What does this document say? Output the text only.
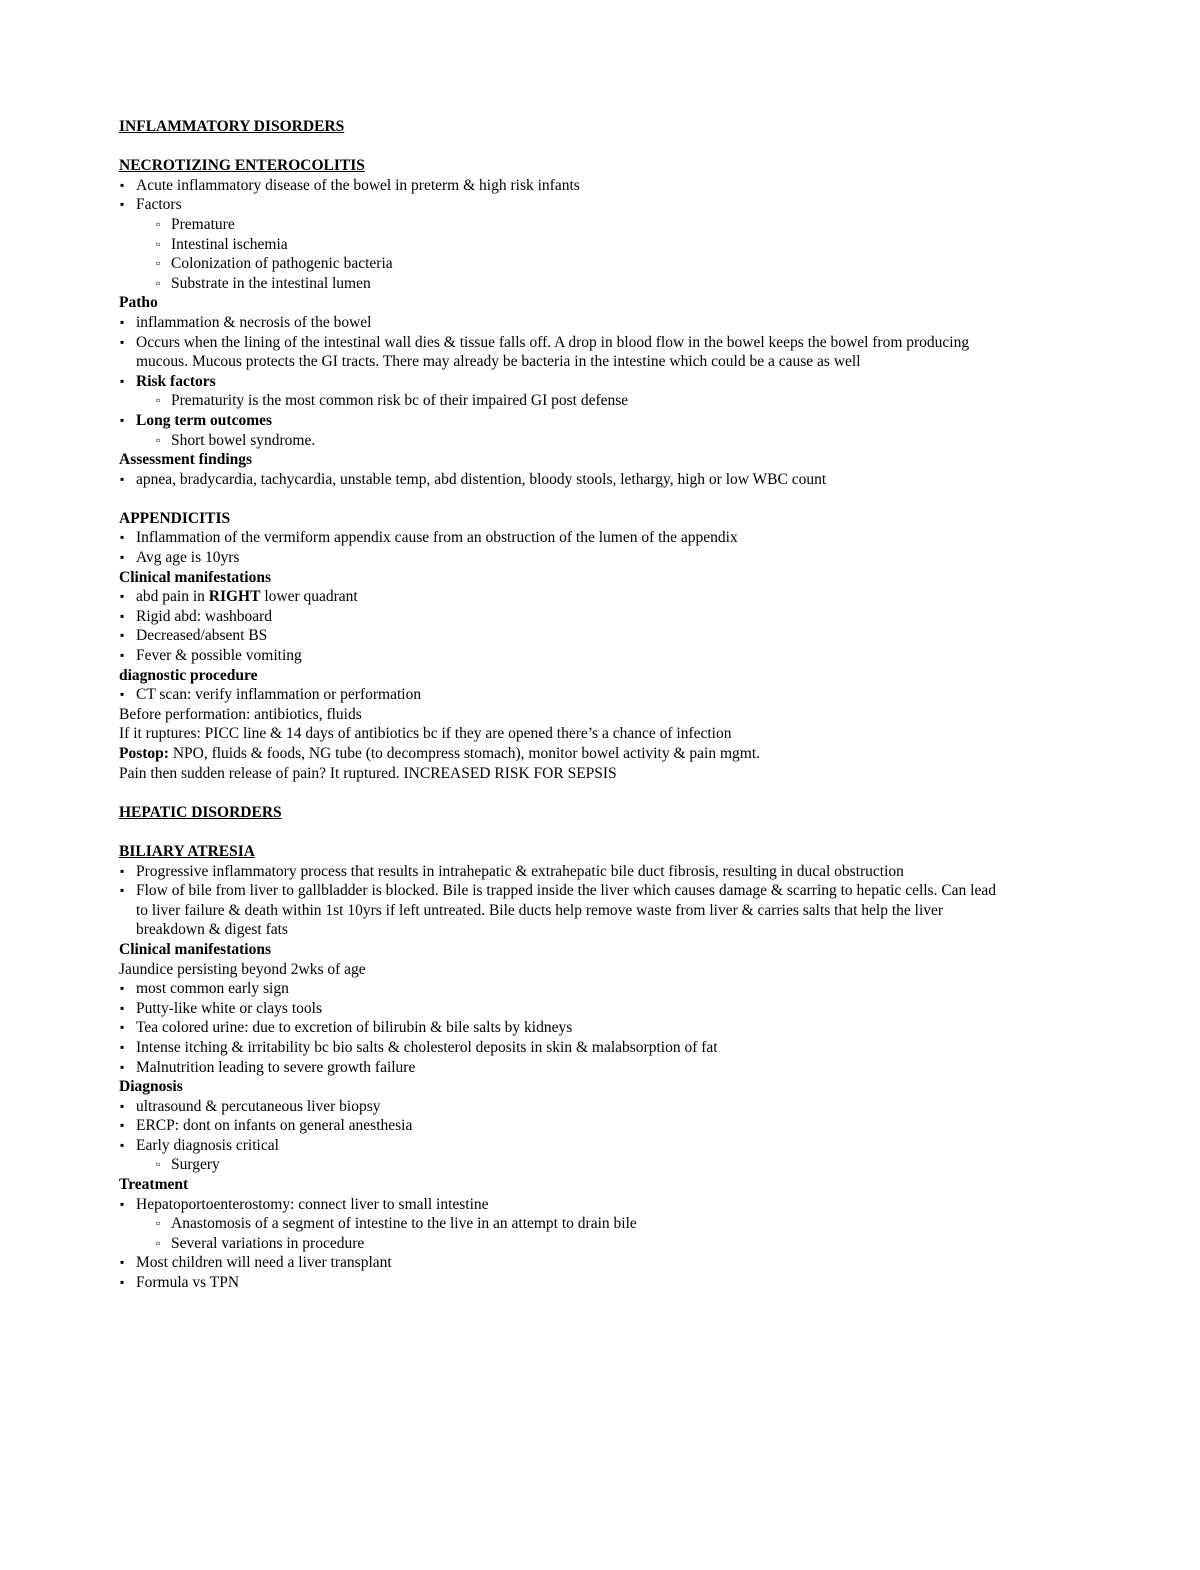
INFLAMMATORY DISORDERS
NECROTIZING ENTEROCOLITIS
▪ Acute inflammatory disease of the bowel in preterm & high risk infants
▪ Factors
▫ Premature
▫ Intestinal ischemia
▫ Colonization of pathogenic bacteria
▫ Substrate in the intestinal lumen
Patho
▪ inflammation & necrosis of the bowel
▪ Occurs when the lining of the intestinal wall dies & tissue falls off. A drop in blood flow in the bowel keeps the bowel from producing
mucous. Mucous protects the GI tracts. There may already be bacteria in the intestine which could be a cause as well
▪ Risk factors
▫ Prematurity is the most common risk bc of their impaired GI post defense
▪ Long term outcomes
▫ Short bowel syndrome.
Assessment findings
▪ apnea, bradycardia, tachycardia, unstable temp, abd distention, bloody stools, lethargy, high or low WBC count
APPENDICITIS
▪ Inflammation of the vermiform appendix cause from an obstruction of the lumen of the appendix
▪ Avg age is 10yrs
Clinical manifestations
▪ abd pain in RIGHT lower quadrant
▪ Rigid abd: washboard
▪ Decreased/absent BS
▪ Fever & possible vomiting
diagnostic procedure
▪ CT scan: verify inflammation or performation
Before performation: antibiotics, fluids
If it ruptures: PICC line & 14 days of antibiotics bc if they are opened there’s a chance of infection
Postop: NPO, fluids & foods, NG tube (to decompress stomach), monitor bowel activity & pain mgmt.
Pain then sudden release of pain? It ruptured. INCREASED RISK FOR SEPSIS
HEPATIC DISORDERS
BILIARY ATRESIA
▪ Progressive inflammatory process that results in intrahepatic & extrahepatic bile duct fibrosis, resulting in ducal obstruction
▪ Flow of bile from liver to gallbladder is blocked. Bile is trapped inside the liver which causes damage & scarring to hepatic cells. Can lead
to liver failure & death within 1st 10yrs if left untreated. Bile ducts help remove waste from liver & carries salts that help the liver
breakdown & digest fats
Clinical manifestations
Jaundice persisting beyond 2wks of age
▪ most common early sign
▪ Putty-like white or clays tools
▪ Tea colored urine: due to excretion of bilirubin & bile salts by kidneys
▪ Intense itching & irritability bc bio salts & cholesterol deposits in skin & malabsorption of fat
▪ Malnutrition leading to severe growth failure
Diagnosis
▪ ultrasound & percutaneous liver biopsy
▪ ERCP: dont on infants on general anesthesia
▪ Early diagnosis critical
▫ Surgery
Treatment
▪ Hepatoportoenterostomy: connect liver to small intestine
▫ Anastomosis of a segment of intestine to the live in an attempt to drain bile
▫ Several variations in procedure
▪ Most children will need a liver transplant
▪ Formula vs TPN
